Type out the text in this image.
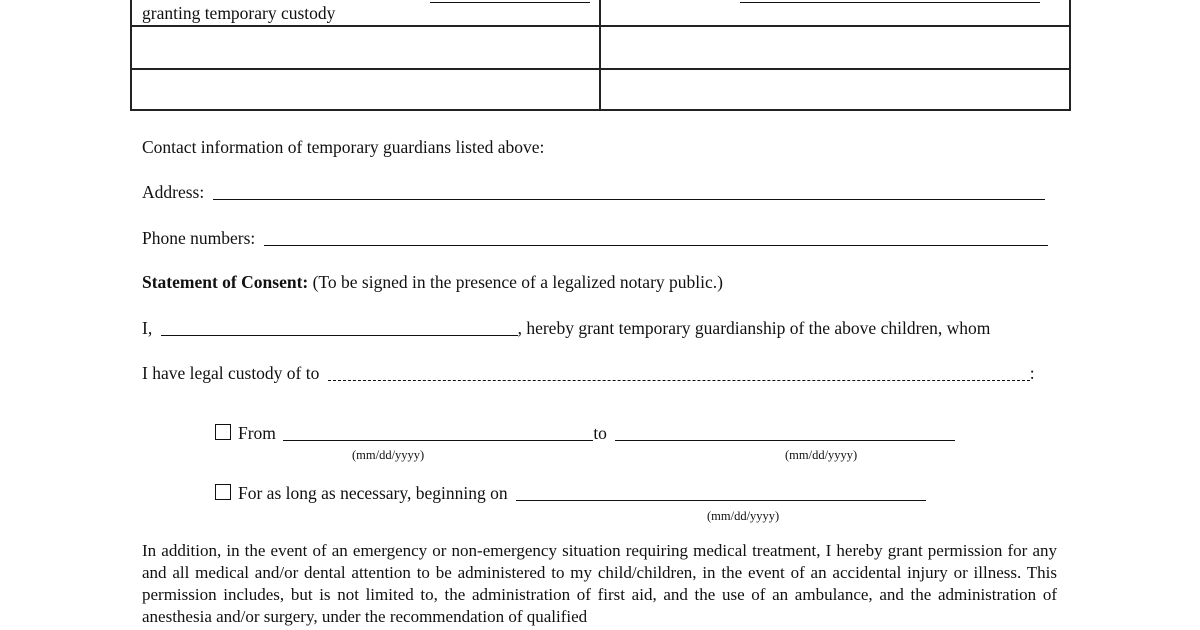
granting temporary custody
Contact information of temporary guardians listed above:
Address:
Phone numbers:
Statement of Consent: (To be signed in the presence of a legalized notary public.)
I,	, hereby grant temporary guardianship of the above children, whom
I have legal custody of to	:
From	to
(mm/dd/yyyy)	(mm/dd/yyyy)
For as long as necessary, beginning on
(mm/dd/yyyy)
In addition, in the event of an emergency or non-emergency situation requiring medical treatment, I hereby grant permission for any and all medical and/or dental attention to be administered to my child/children, in the event of an accidental injury or illness. This permission includes, but is not limited to, the administration of first aid, and the use of an ambulance, and the administration of anesthesia and/or surgery, under the recommendation of qualified
